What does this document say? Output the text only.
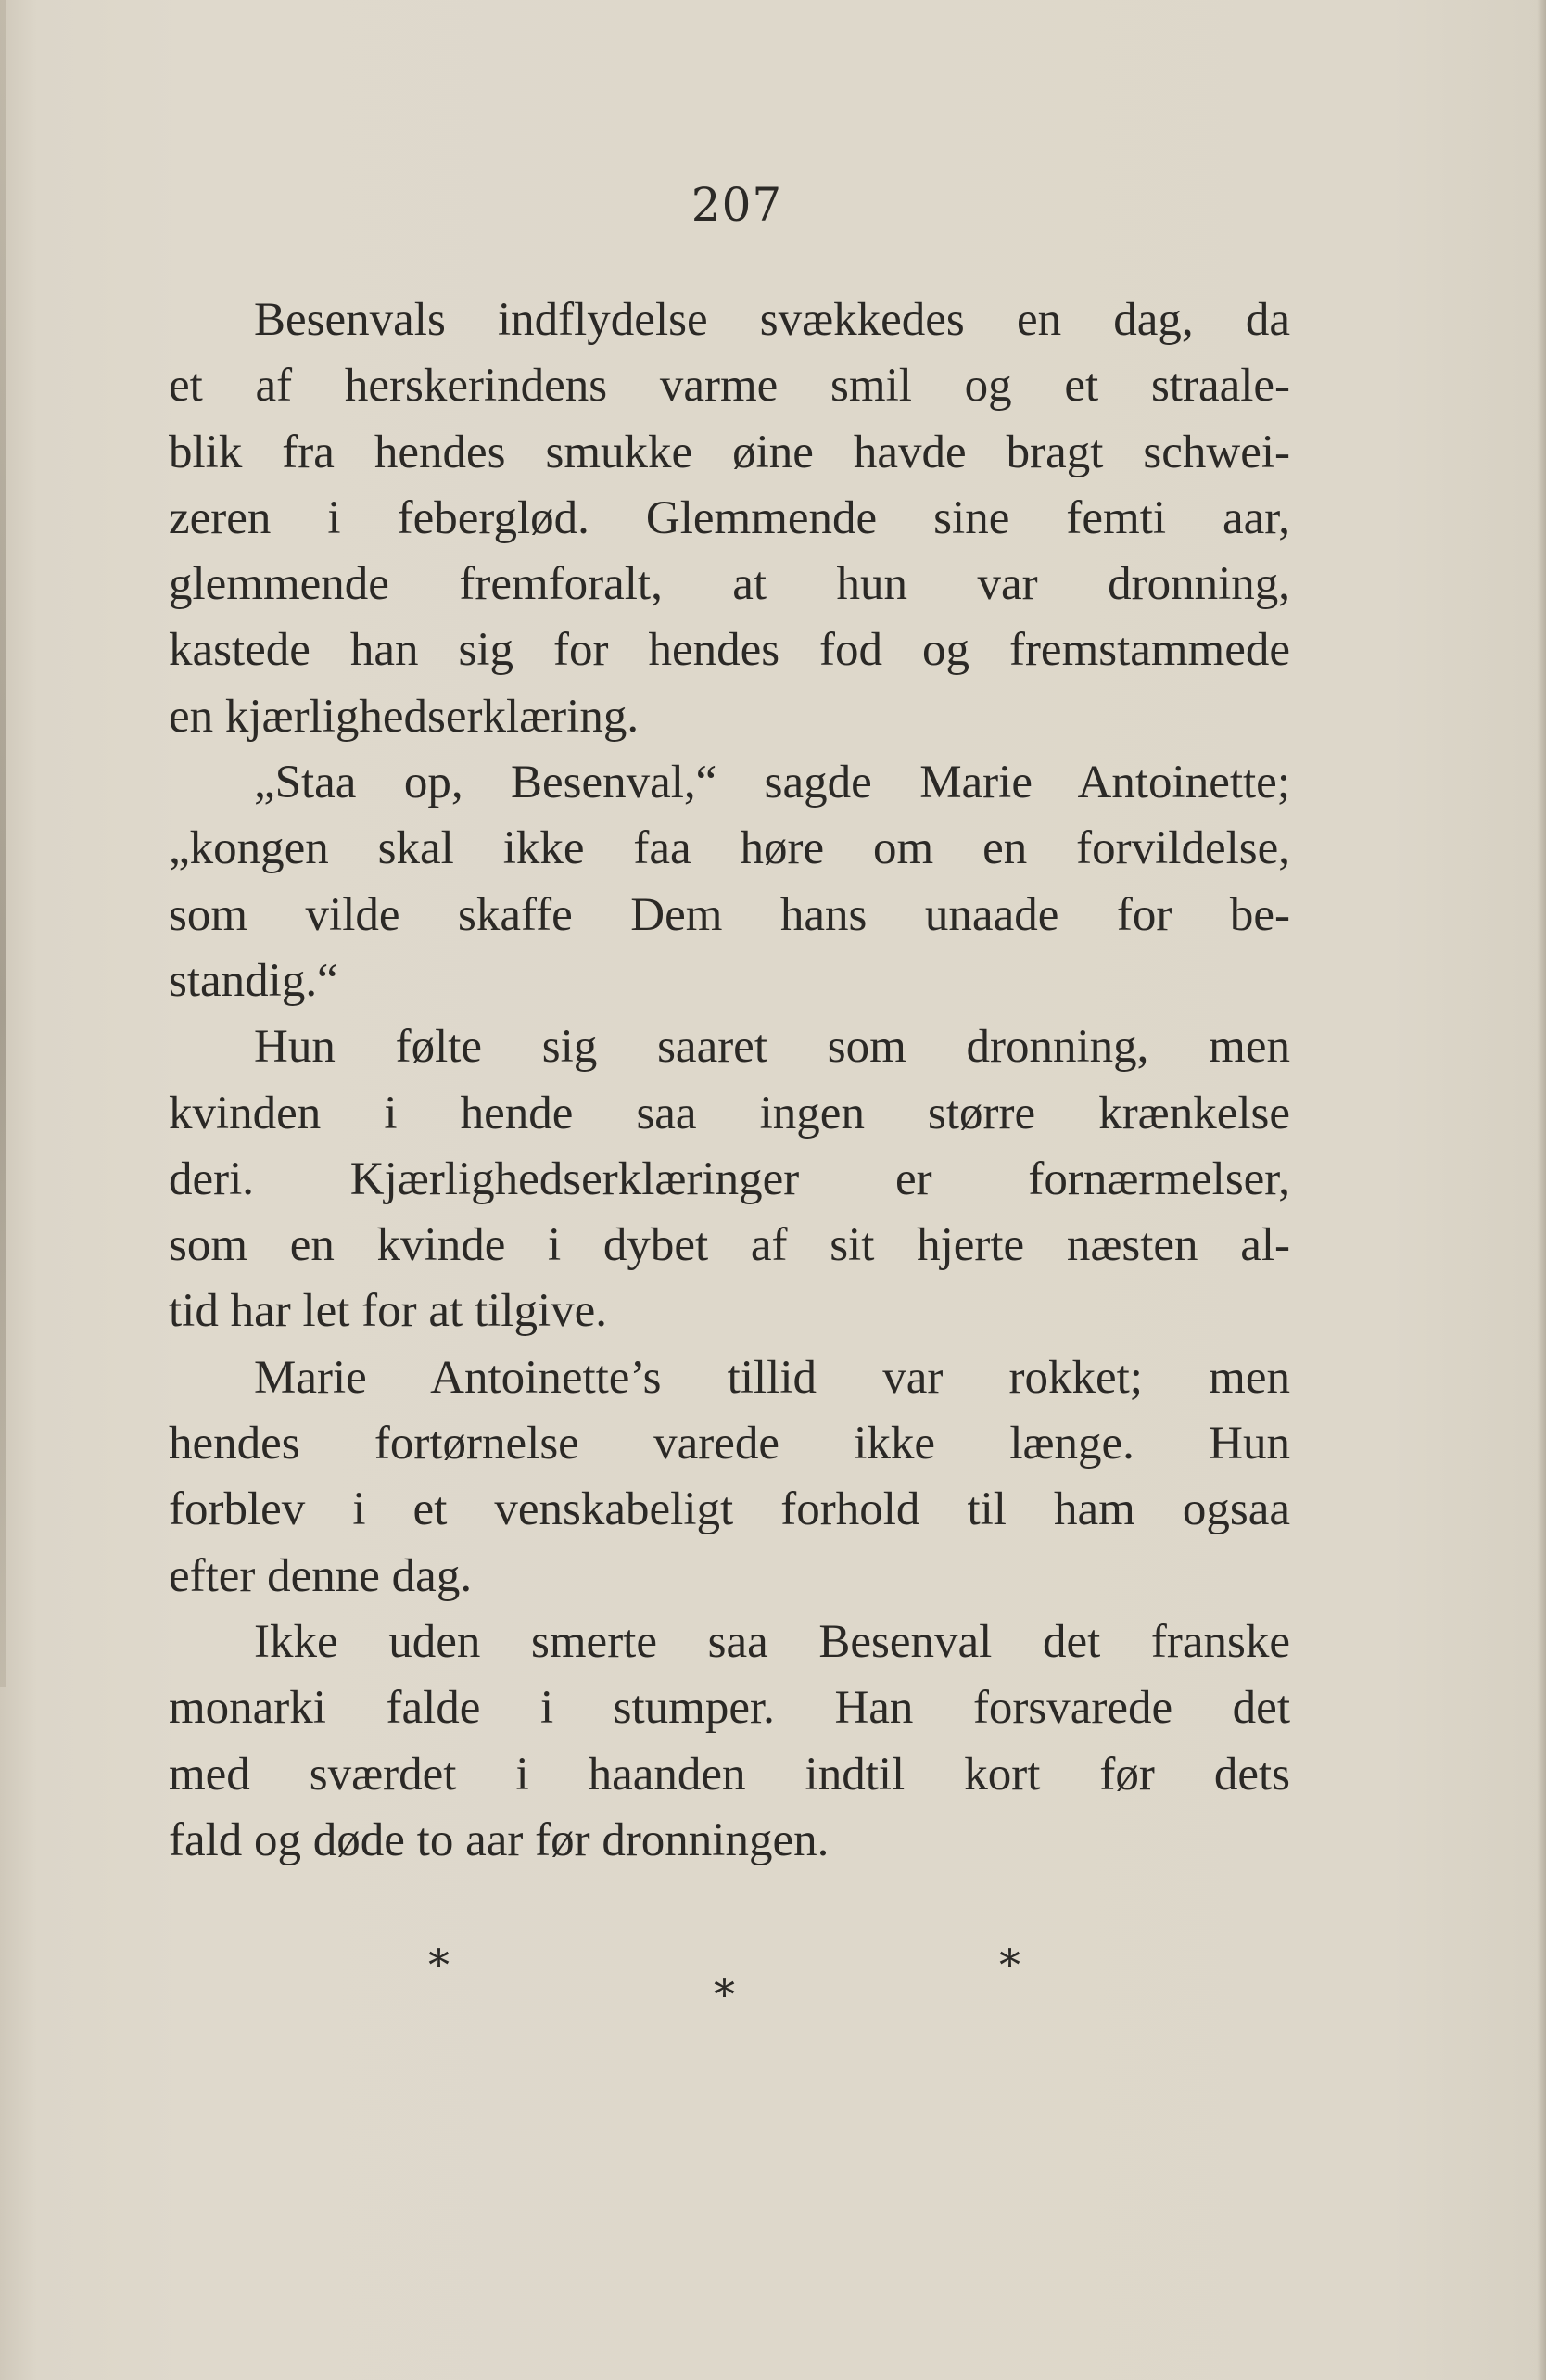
207
Besenvals indflydelse svækkedes en dag, da
et af herskerindens varme smil og et straale-
blik fra hendes smukke øine havde bragt schwei-
zeren i feberglød. Glemmende sine femti aar,
glemmende fremforalt, at hun var dronning,
kastede han sig for hendes fod og fremstammede
en kjærlighedserklæring.
„Staa op, Besenval,“ sagde Marie Antoinette;
„kongen skal ikke faa høre om en forvildelse,
som vilde skaffe Dem hans unaade for be-
standig.“
Hun følte sig saaret som dronning, men
kvinden i hende saa ingen større krænkelse
deri. Kjærlighedserklæringer er fornærmelser,
som en kvinde i dybet af sit hjerte næsten al-
tid har let for at tilgive.
Marie Antoinette’s tillid var rokket; men
hendes fortørnelse varede ikke længe. Hun
forblev i et venskabeligt forhold til ham ogsaa
efter denne dag.
Ikke uden smerte saa Besenval det franske
monarki falde i stumper. Han forsvarede det
med sværdet i haanden indtil kort før dets
fald og døde to aar før dronningen.
*	*
*
